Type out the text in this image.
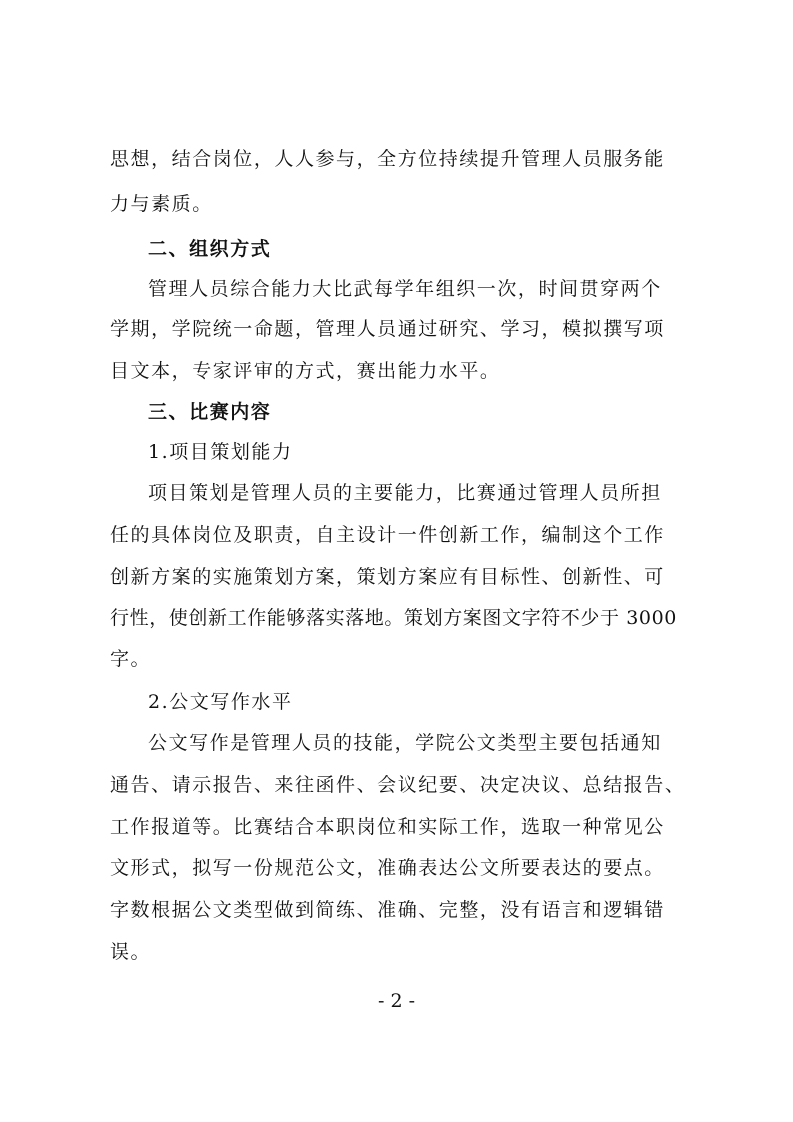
思想，结合岗位，人人参与，全方位持续提升管理人员服务能
力与素质。
二、组织方式
管理人员综合能力大比武每学年组织一次，时间贯穿两个
学期，学院统一命题，管理人员通过研究、学习，模拟撰写项
目文本，专家评审的方式，赛出能力水平。
三、比赛内容
1.项目策划能力
项目策划是管理人员的主要能力，比赛通过管理人员所担
任的具体岗位及职责，自主设计一件创新工作，编制这个工作
创新方案的实施策划方案，策划方案应有目标性、创新性、可
行性，使创新工作能够落实落地。策划方案图文字符不少于 3000
字。
2.公文写作水平
公文写作是管理人员的技能，学院公文类型主要包括通知
通告、请示报告、来往函件、会议纪要、决定决议、总结报告、
工作报道等。比赛结合本职岗位和实际工作，选取一种常见公
文形式，拟写一份规范公文，准确表达公文所要表达的要点。
字数根据公文类型做到简练、准确、完整，没有语言和逻辑错
误。
- 2 -
